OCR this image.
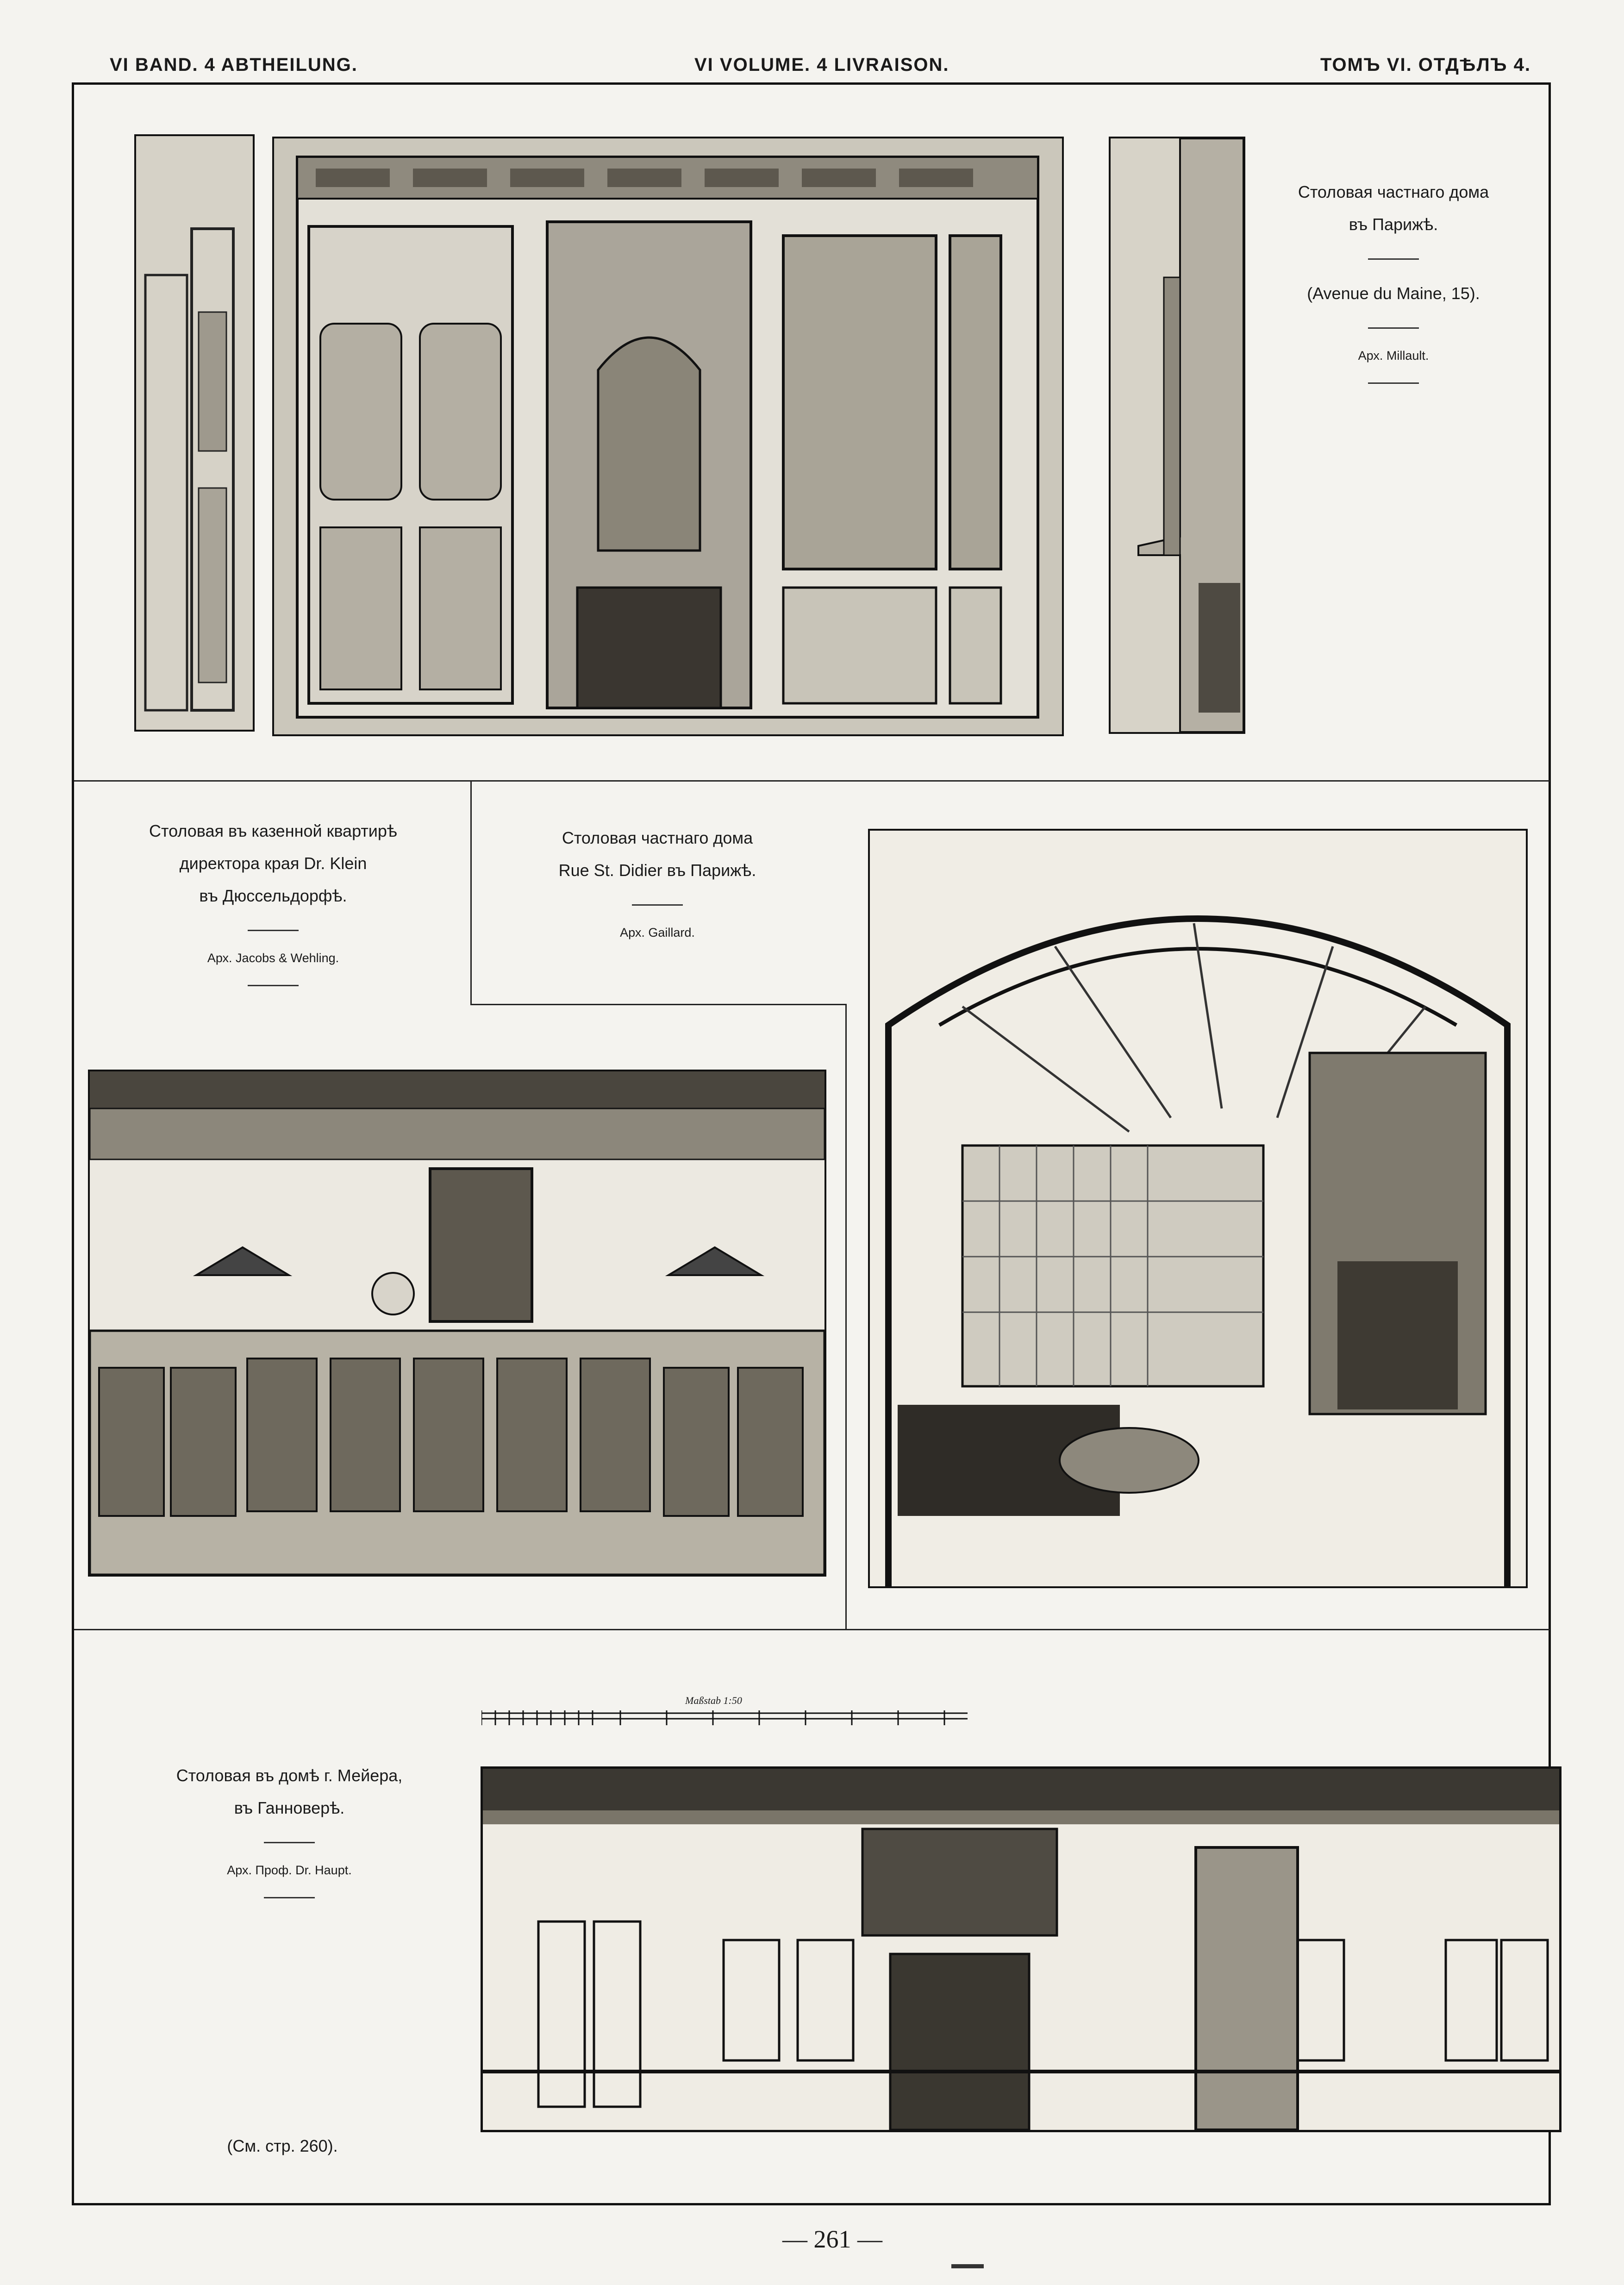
VI BAND. 4 ABTHEILUNG.	VI VOLUME. 4 LIVRAISON.	ТОМЪ VI. ОТДѢЛЪ 4.
Столовая частнаго дома
въ Парижѣ.
(Avenue du Maine, 15).
Арх. Millault.
Столовая въ казенной квартирѣ
директора края Dr. Klein
въ Дюссельдорфѣ.
Арх. Jacobs & Wehling.
Столовая частнаго дома
Rue St. Didier въ Парижѣ.
Арх. Gaillard.
Столовая въ домѣ г. Мейера,
въ Ганноверѣ.
Арх. Проф. Dr. Haupt.
(См. стр. 260).
Maßstab 1:50
— 261 —
